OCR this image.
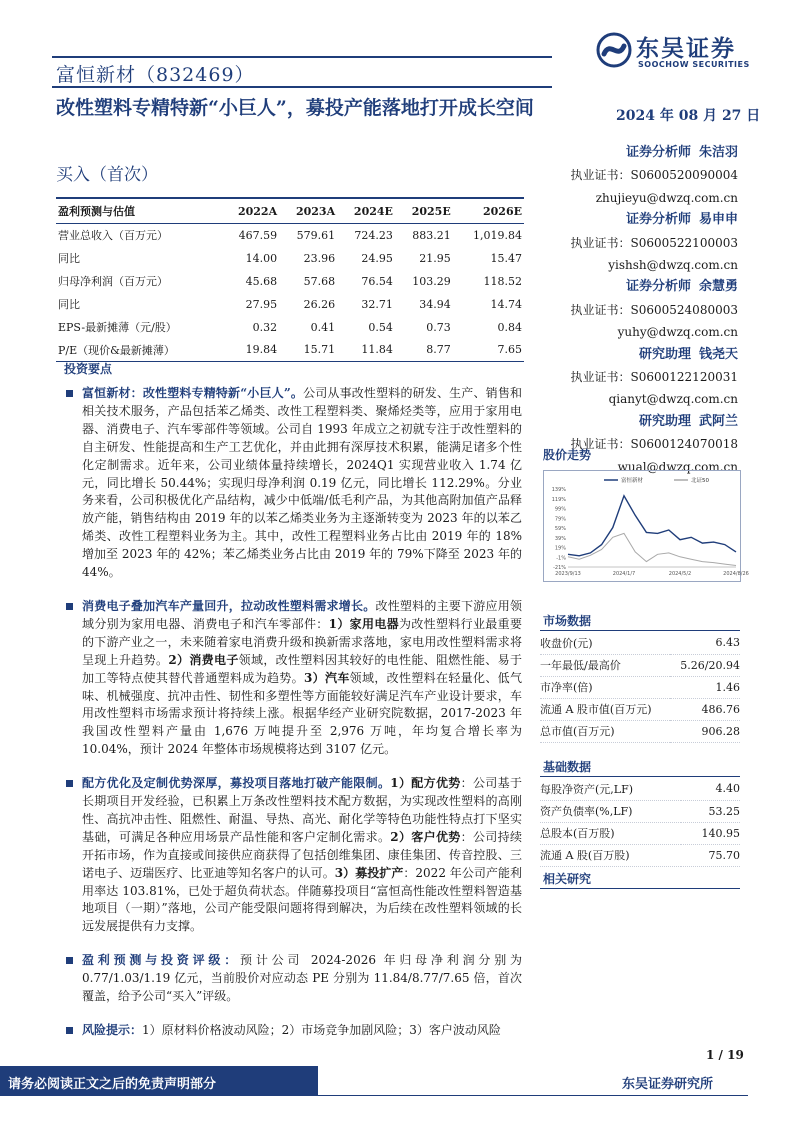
东吴证券
SOOCHOW SECURITIES
富恒新材（832469）
改性塑料专精特新“小巨人”，募投产能落地打开成长空间
买入（首次）
2024 年 08 月 27 日
盈利预测与估值	2022A	2023A	2024E	2025E	2026E
营业总收入（百万元）	467.59	579.61	724.23	883.21	1,019.84
同比	14.00	23.96	24.95	21.95	15.47
归母净利润（百万元）	45.68	57.68	76.54	103.29	118.52
同比	27.95	26.26	32.71	34.94	14.74
EPS-最新摊薄（元/股）	0.32	0.41	0.54	0.73	0.84
P/E（现价&最新摊薄）	19.84	15.71	11.84	8.77	7.65
证券分析师 朱洁羽
执业证书：S0600520090004
zhujieyu@dwzq.com.cn
证券分析师 易申申
执业证书：S0600522100003
yishsh@dwzq.com.cn
证券分析师 余慧勇
执业证书：S0600524080003
yuhy@dwzq.com.cn
研究助理 钱尧天
执业证书：S0600122120031
qianyt@dwzq.com.cn
研究助理 武阿兰
执业证书：S0600124070018
wual@dwzq.com.cn
股价走势
139%
119%
99%
79%
59%
39%
19%
-1%
-21%
2023/9/13	2024/1/7	2024/5/2	2024/8/26
富恒新材	北证50
市场数据
收盘价(元)	6.43
一年最低/最高价	5.26/20.94
市净率(倍)	1.46
流通 A 股市值(百万元)	486.76
总市值(百万元)	906.28
基础数据
每股净资产(元,LF)	4.40
资产负债率(%,LF)	53.25
总股本(百万股)	140.95
流通 A 股(百万股)	75.70
相关研究
投资要点
富恒新材：改性塑料专精特新“小巨人”。公司从事改性塑料的研发、生产、销售和相关技术服务，产品包括苯乙烯类、改性工程塑料类、聚烯烃类等，应用于家用电器、消费电子、汽车零部件等领域。公司自 1993 年成立之初就专注于改性塑料的自主研发、性能提高和生产工艺优化，并由此拥有深厚技术积累，能满足诸多个性化定制需求。近年来，公司业绩体量持续增长，2024Q1 实现营业收入 1.74 亿元，同比增长 50.44%；实现归母净利润 0.19 亿元，同比增长 112.29%。分业务来看，公司积极优化产品结构，减少中低端/低毛利产品，为其他高附加值产品释放产能，销售结构由 2019 年的以苯乙烯类业务为主逐渐转变为 2023 年的以苯乙烯类、改性工程塑料业务为主。其中，改性工程塑料业务占比由 2019 年的 18%增加至 2023 年的 42%；苯乙烯类业务占比由 2019 年的 79%下降至 2023 年的 44%。
消费电子叠加汽车产量回升，拉动改性塑料需求增长。改性塑料的主要下游应用领域分别为家用电器、消费电子和汽车零部件：1）家用电器为改性塑料行业最重要的下游产业之一，未来随着家电消费升级和换新需求落地，家电用改性塑料需求将呈现上升趋势。2）消费电子领域，改性塑料因其较好的电性能、阻燃性能、易于加工等特点使其替代普通塑料成为趋势。3）汽车领域，改性塑料在轻量化、低气味、机械强度、抗冲击性、韧性和多塑性等方面能较好满足汽车产业设计要求，车用改性塑料市场需求预计将持续上涨。根据华经产业研究院数据，2017-2023 年我国改性塑料产量由 1,676 万吨提升至 2,976 万吨，年均复合增长率为 10.04%，预计 2024 年整体市场规模将达到 3107 亿元。
配方优化及定制优势深厚，募投项目落地打破产能限制。1）配方优势：公司基于长期项目开发经验，已积累上万条改性塑料技术配方数据，为实现改性塑料的高刚性、高抗冲击性、阻燃性、耐温、导热、高光、耐化学等特色功能性特点打下坚实基础，可满足各种应用场景产品性能和客户定制化需求。2）客户优势：公司持续开拓市场，作为直接或间接供应商获得了包括创维集团、康佳集团、传音控股、三诺电子、迈瑞医疗、比亚迪等知名客户的认可。3）募投扩产：2022 年公司产能利用率达 103.81%，已处于超负荷状态。伴随募投项目“富恒高性能改性塑料智造基地项目（一期）”落地，公司产能受限问题将得到解决，为后续在改性塑料领域的长远发展提供有力支撑。
盈利预测与投资评级：预计公司 2024-2026 年归母净利润分别为 0.77/1.03/1.19 亿元，当前股价对应动态 PE 分别为 11.84/8.77/7.65 倍，首次覆盖，给予公司“买入”评级。
风险提示：1）原材料价格波动风险；2）市场竞争加剧风险；3）客户波动风险
1 / 19
请务必阅读正文之后的免责声明部分	东吴证券研究所
